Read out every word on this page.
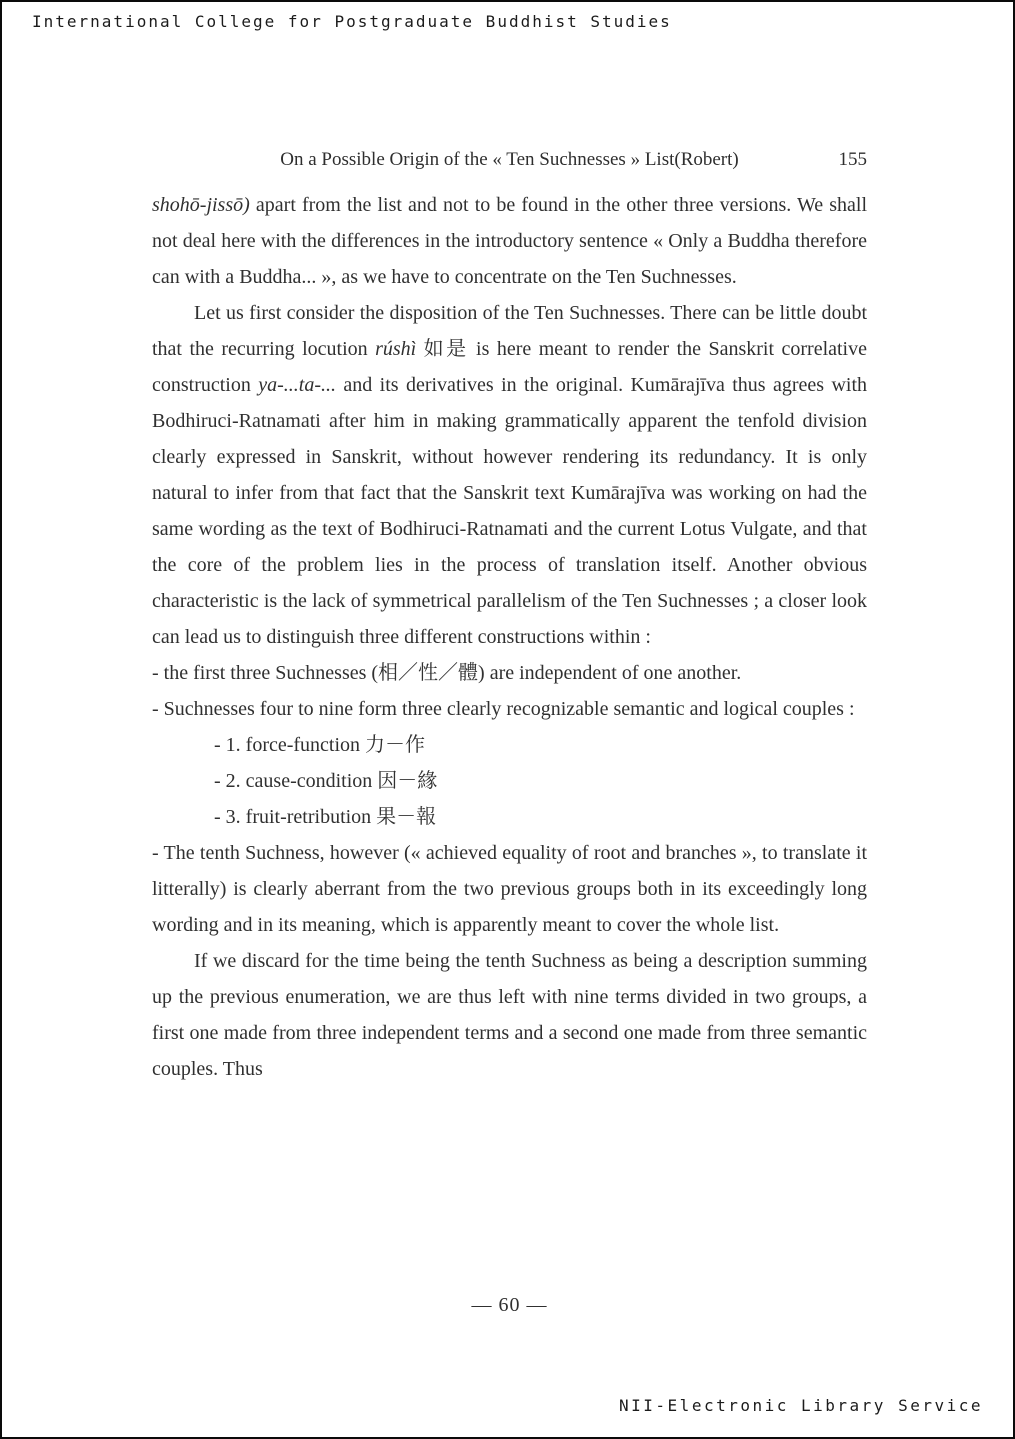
International College for Postgraduate Buddhist Studies
On a Possible Origin of the « Ten Suchnesses » List(Robert)	155

shohō-jissō) apart from the list and not to be found in the other three versions. We shall not deal here with the differences in the introductory sentence « Only a Buddha therefore can with a Buddha... », as we have to concentrate on the Ten Suchnesses.

Let us first consider the disposition of the Ten Suchnesses. There can be little doubt that the recurring locution rúshì 如是 is here meant to render the Sanskrit correlative construction ya-...ta-... and its derivatives in the original. Kumārajīva thus agrees with Bodhiruci-Ratnamati after him in making grammatically apparent the tenfold division clearly expressed in Sanskrit, without however rendering its redundancy. It is only natural to infer from that fact that the Sanskrit text Kumārajīva was working on had the same wording as the text of Bodhiruci-Ratnamati and the current Lotus Vulgate, and that the core of the problem lies in the process of translation itself. Another obvious characteristic is the lack of symmetrical parallelism of the Ten Suchnesses ; a closer look can lead us to distinguish three different constructions within :

- the first three Suchnesses (相／性／體) are independent of one another.

- Suchnesses four to nine form three clearly recognizable semantic and logical couples :

- 1. force-function 力－作

- 2. cause-condition 因－緣

- 3. fruit-retribution 果－報

- The tenth Suchness, however (« achieved equality of root and branches », to translate it litterally) is clearly aberrant from the two previous groups both in its exceedingly long wording and in its meaning, which is apparently meant to cover the whole list.

If we discard for the time being the tenth Suchness as being a description summing up the previous enumeration, we are thus left with nine terms divided in two groups, a first one made from three independent terms and a second one made from three semantic couples. Thus

— 60 —
NII-Electronic Library Service
